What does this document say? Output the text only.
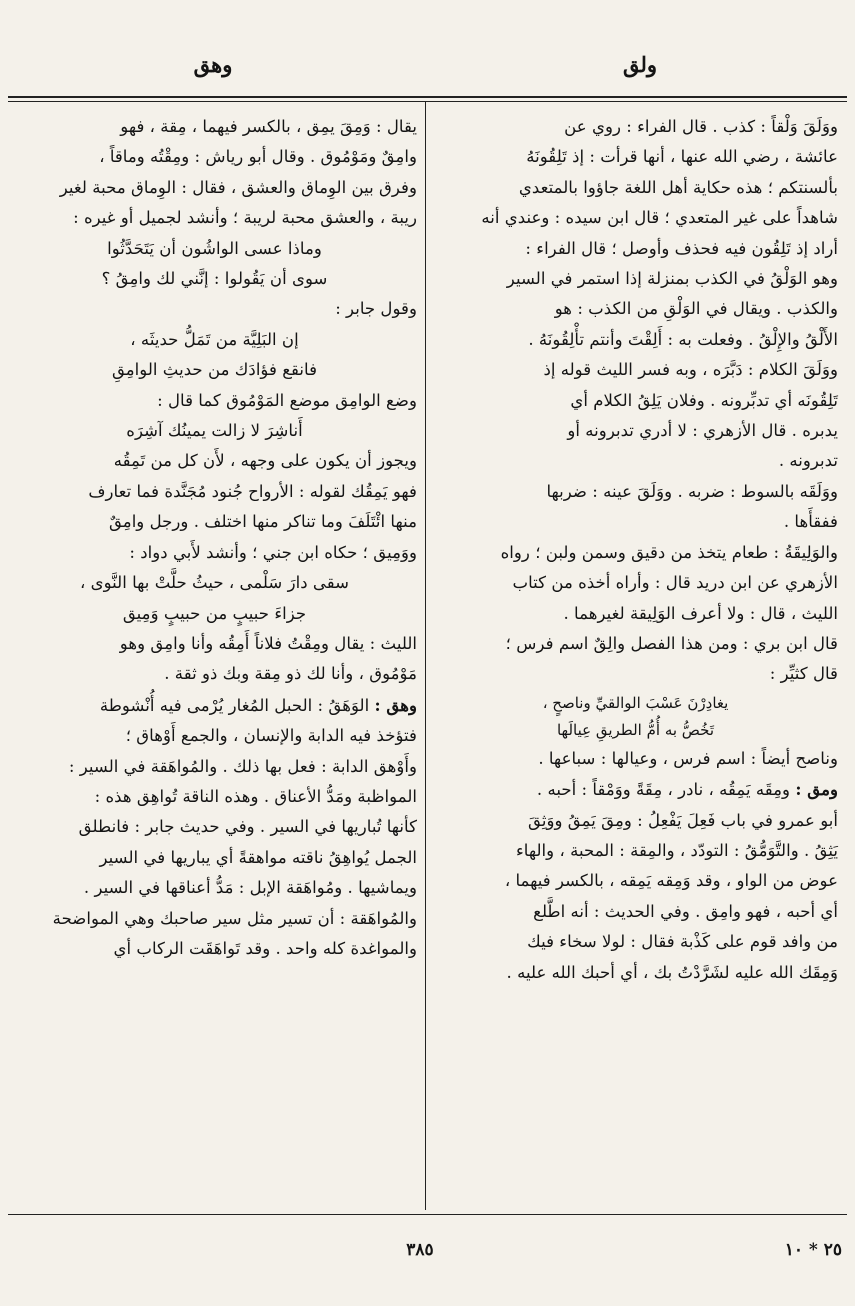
ولق
وهق

ووَلَقَ وَلْقاً : كذب . قال الفراء : روي عن

عائشة ، رضي الله عنها ، أنها قرأت : إذ تَلِقُونَهُ

بألسنتكم ؛ هذه حكاية أهل اللغة جاؤوا بالمتعدي

شاهداً على غير المتعدي ؛ قال ابن سيده : وعندي أنه

أراد إذ تَلِقُون فيه فحذف وأوصل ؛ قال الفراء :

وهو الوَلْقُ في الكذب بمنزلة إذا استمر في السير

والكذب . ويقال في الوَلْقِ من الكذب : هو

الأَلْقُ والإِلْقُ . وفعلت به : أَلِقْتَ وأنتم تأْلِقُونَهُ .

ووَلَقَ الكلام : دَبَّرَه ، وبه فسر الليث قوله إذ

تَلِقُونَه أي تدبِّرونه . وفلان يَلِقُ الكلام أي

يدبره . قال الأزهري : لا أدري تدبرونه أو

تدبرونه .

ووَلَقَه بالسوط : ضربه . ووَلَقَ عينه : ضربها

ففقأَها .

والوَلِيقَةُ : طعام يتخذ من دقيق وسمن ولبن ؛ رواه

الأزهري عن ابن دريد قال : وأراه أخذه من كتاب

الليث ، قال : ولا أعرف الوَلِيقة لغيرهما .

قال ابن بري : ومن هذا الفصل والِقٌ اسم فرس ؛

قال كثيِّر :

يغادِرْنَ عَسْبَ الوالقيِّ وناصحٍ ،

تَخُصُّ به أُمُّ الطريقِ عِيالَها

وناصح أيضاً : اسم فرس ، وعيالها : سباعها .

ومق : ومِقَه يَمِقُه ، نادر ، مِقَةً ووَمْقاً : أحبه .

أبو عمرو في باب فَعِلَ يَفْعِلُ : ومِقَ يَمِقُ ووَثِقَ

يَثِقُ . والتَّوَمُّقُ : التودّد ، والمِقة : المحبة ، والهاء

عوض من الواو ، وقد وَمِقه يَمِقه ، بالكسر فيهما ،

أي أحبه ، فهو وامِق . وفي الحديث : أنه اطَّلع

من وافد قوم على كَذْبة فقال : لولا سخاء فيك

وَمِقَك الله عليه لشَرَّدْتُ بك ، أي أحبك الله عليه .

يقال : وَمِقَ يمِق ، بالكسر فيهما ، مِقة ، فهو

وامِقٌ ومَوْمُوق . وقال أبو رياش : ومِقْتُه وماقاً ،

وفرق بين الوِماق والعشق ، فقال : الوِماق محبة لغير

ريبة ، والعشق محبة لريبة ؛ وأنشد لجميل أو غيره :

وماذا عسى الواشُون أن يَتَحَدَّثُوا

سوى أن يَقُولوا : إنَّني لك وامِقُ ؟

وقول جابر :

إن البَلِيَّة من تَمَلُّ حديثَه ،

فانقع فؤادَك من حديثِ الوامِقِ

وضع الوامِق موضع المَوْمُوق كما قال :

أَناشِرَ لا زالت يمينُك آشِرَه

ويجوز أن يكون على وجهه ، لأَن كل من تَمِقُه

فهو يَمِقُك لقوله : الأرواح جُنود مُجَنَّدة فما تعارف

منها ائْتَلَفَ وما تناكر منها اختلف . ورجل وامِقٌ

ووَمِيق ؛ حكاه ابن جني ؛ وأنشد لأَبي دواد :

سقى دارَ سَلْمى ، حيثُ حلَّتْ بها النَّوى ،

جزاءَ حبيبٍ من حبيبٍ وَمِيق

الليث : يقال ومِقْتُ فلاناً أَمِقُه وأنا وامِق وهو

مَوْمُوق ، وأنا لك ذو مِقة وبك ذو ثقة .

وهق : الوَهَقُ : الحبل المُغار يُرْمى فيه أُنْشوطة

فتؤخذ فيه الدابة والإنسان ، والجمع أَوْهاق ؛

وأَوْهق الدابة : فعل بها ذلك . والمُواهَقة في السير :

المواظبة ومَدُّ الأعناق . وهذه الناقة تُواهِق هذه :

كأنها تُباريها في السير . وفي حديث جابر : فانطلق

الجمل يُواهِقُ ناقته مواهقةً أي يباريها في السير

ويماشيها . ومُواهَقة الإبل : مَدُّ أعناقها في السير .

والمُواهَقة : أن تسير مثل سير صاحبك وهي المواضحة

والمواغدة كله واحد . وقد تَواهَقَت الركاب أي

٣٨٥	٢٥ * ١٠
